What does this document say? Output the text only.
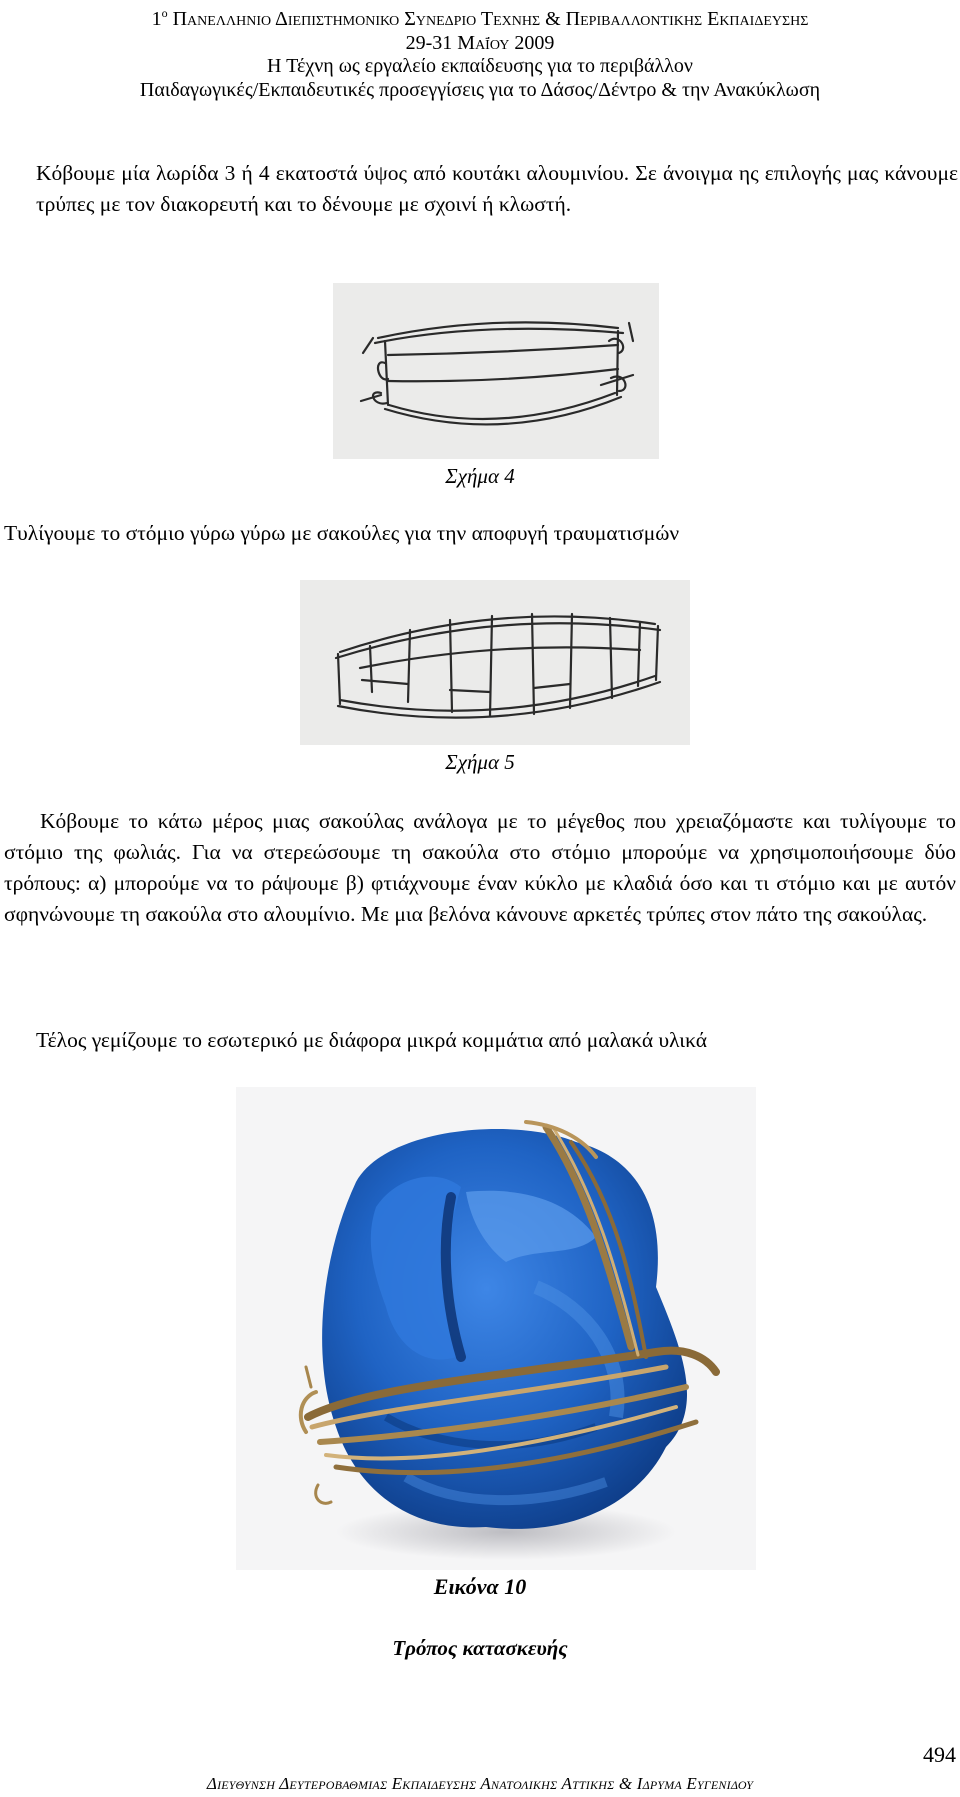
$1^o$ Πανελληνιο Διεπιστημονικο Συνεδριο Τεχνησ & Περιβαλλοντικησ Εκπαιδευσησ
29-31 Μαΐου 2009
Η Τέχνη ως εργαλείο εκπαίδευσης για το περιβάλλον
Παιδαγωγικές/Εκπαιδευτικές προσεγγίσεις για το Δάσος/Δέντρο & την Ανακύκλωση
Κόβουμε μία λωρίδα 3 ή 4 εκατοστά ύψος από κουτάκι αλουμινίου. Σε άνοιγμα ης επιλογής μας κάνουμε τρύπες με τον διακορευτή και το δένουμε με σχοινί ή κλωστή.
Σχήμα 4
Τυλίγουμε το στόμιο γύρω γύρω με σακούλες για την αποφυγή τραυματισμών
Σχήμα 5
Κόβουμε το κάτω μέρος μιας σακούλας ανάλογα με το μέγεθος που χρειαζόμαστε και τυλίγουμε το στόμιο της φωλιάς. Για να στερεώσουμε τη σακούλα στο στόμιο μπορούμε να χρησιμοποιήσουμε δύο τρόπους: α) μπορούμε να το ράψουμε β) φτιάχνουμε έναν κύκλο με κλαδιά όσο και τι στόμιο και με αυτόν σφηνώνουμε τη σακούλα στο αλουμίνιο. Με μια βελόνα κάνουνε αρκετές τρύπες στον πάτο της σακούλας.
Τέλος γεμίζουμε το εσωτερικό με διάφορα μικρά κομμάτια από μαλακά υλικά
Εικόνα 10
Τρόπος κατασκευής
494
Διευθυνση Δευτεροβαθμιασ Εκπαιδευσησ Ανατολικησ Αττικησ & Ιδρυμα Ευγενιδου
